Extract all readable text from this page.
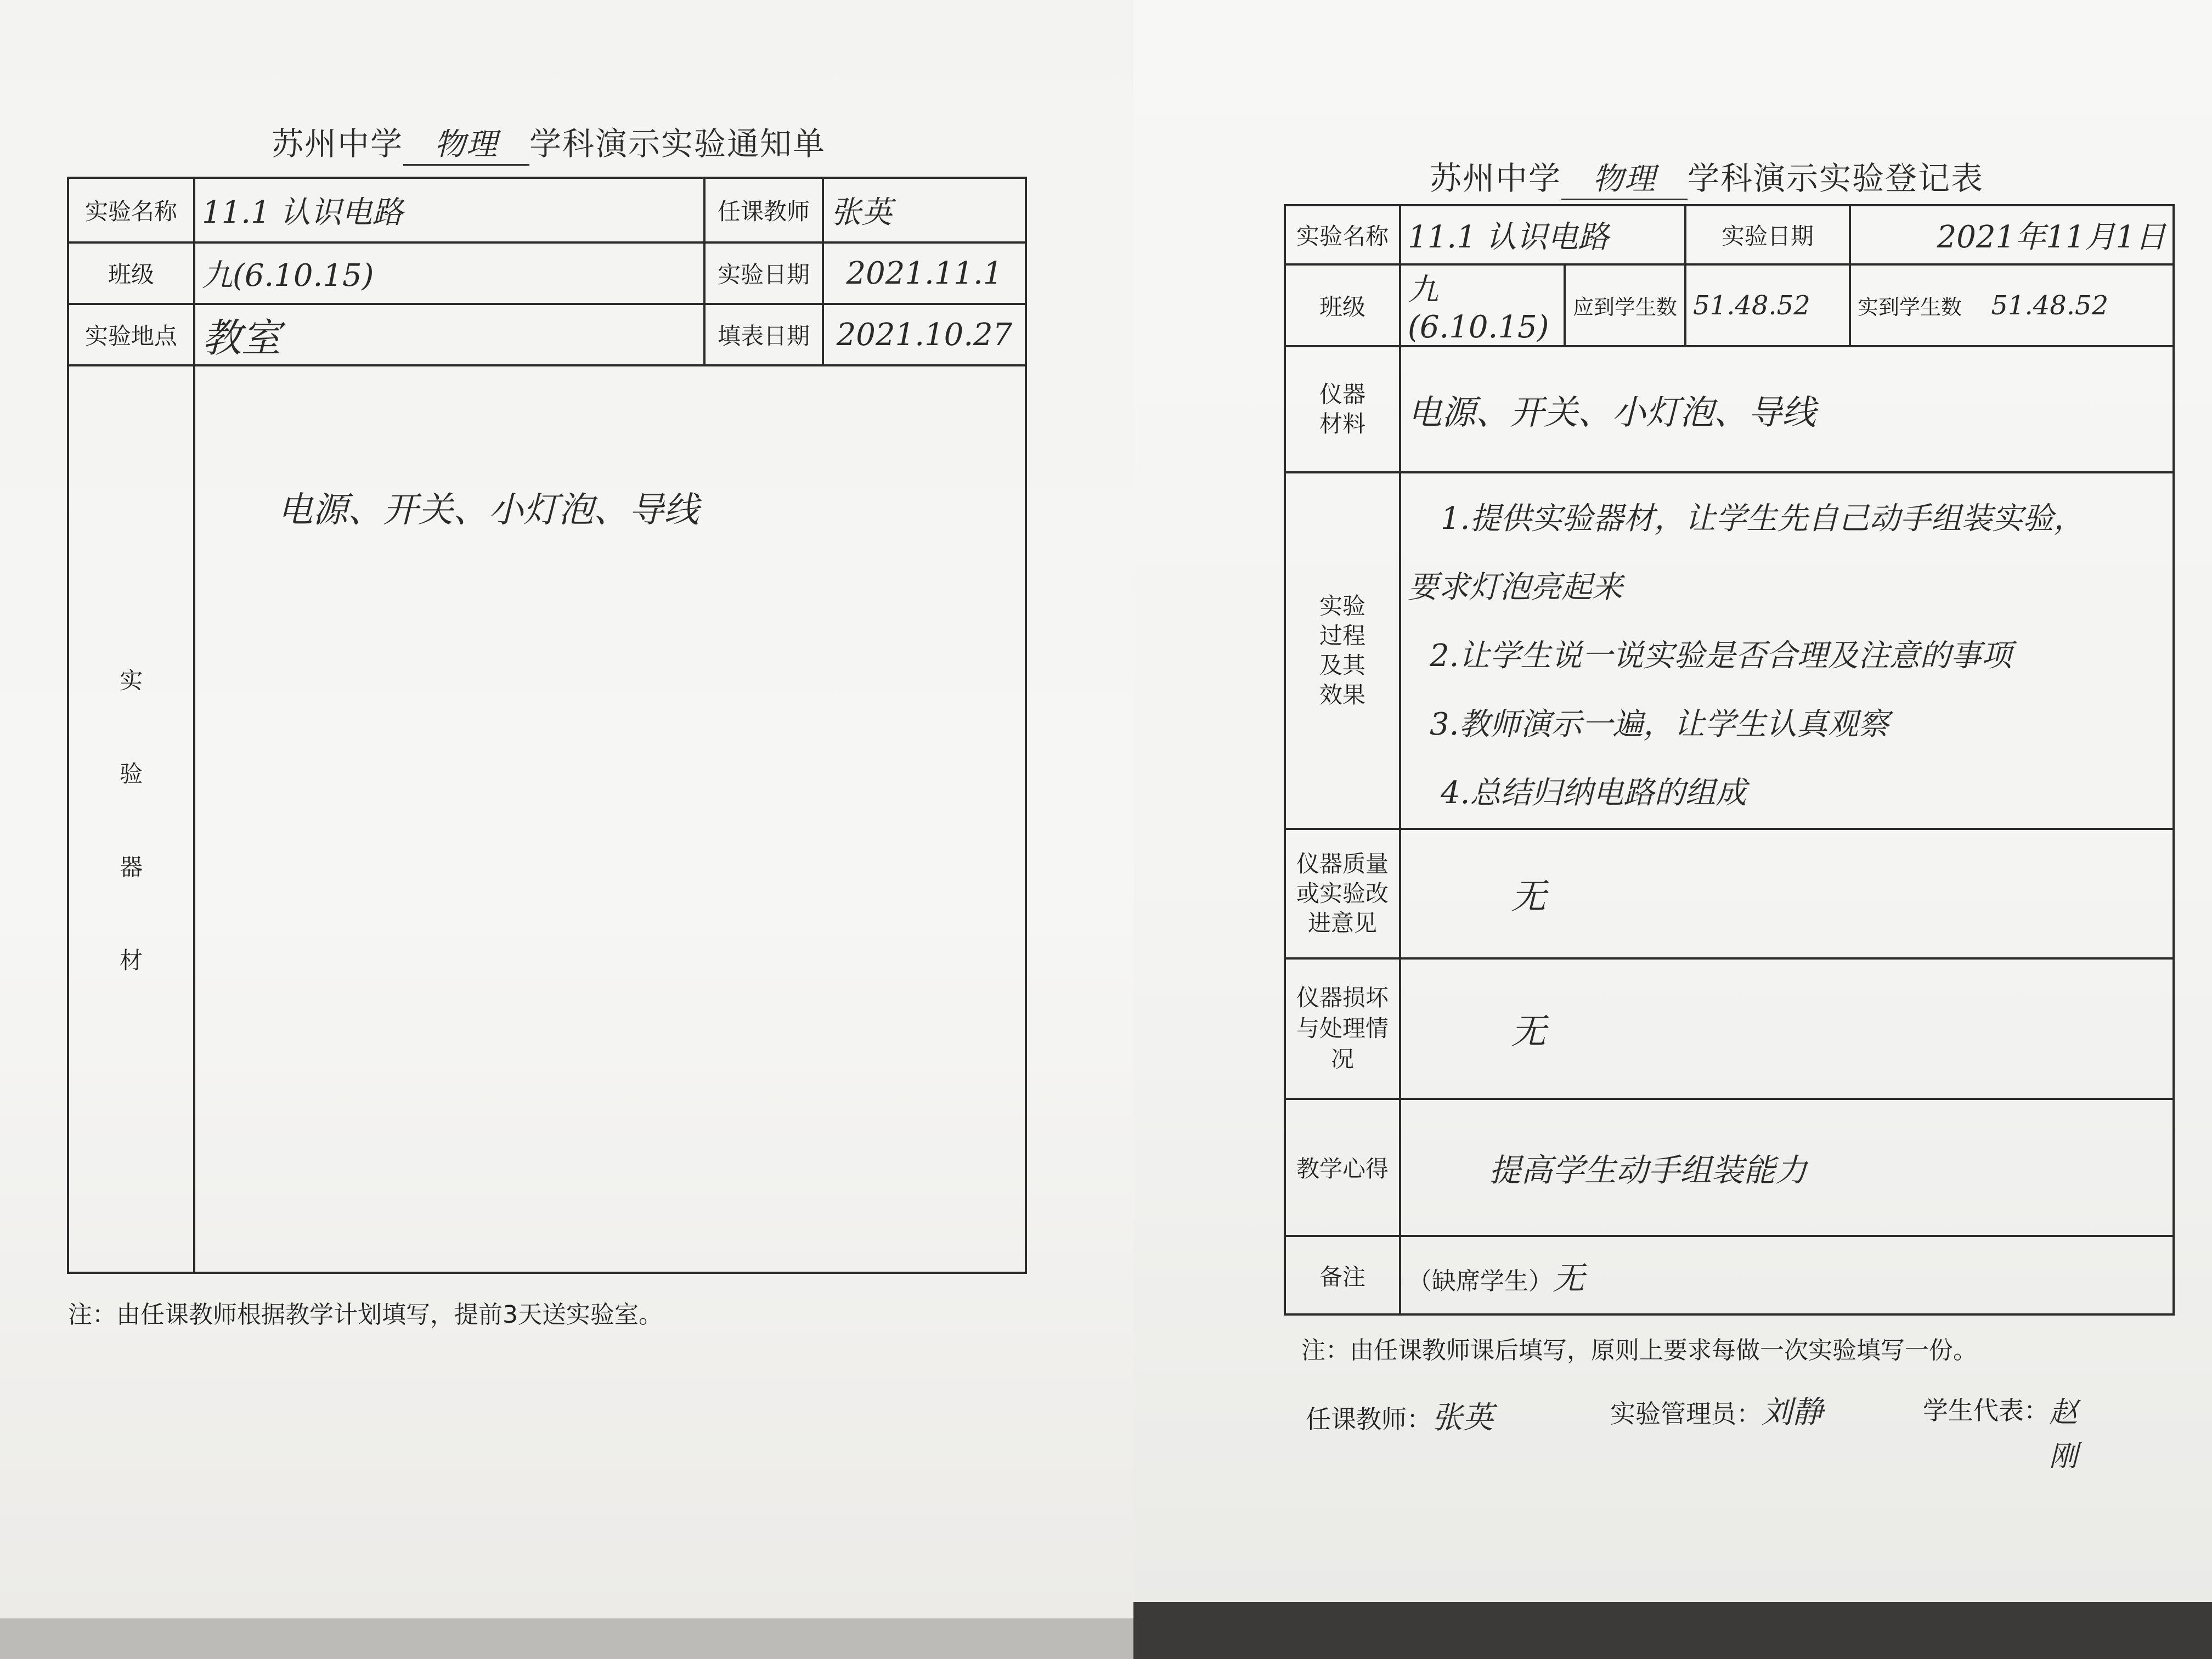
苏州中学 物理 学科演示实验通知单
实验名称	11.1 认识电路	任课教师	张英
班级	九(6.10.15)	实验日期	2021.11.1
实验地点	教室	填表日期	2021.10.27

实
验
器
材	电源、开关、小灯泡、导线		
注：由任课教师根据教学计划填写，提前3天送实验室。
苏州中学 物理 学科演示实验登记表
实验名称	11.1 认识电路		实验日期	2021年11月1日
班级	九(6.10.15)	应到学生数	51.48.52	实到学生数 51.48.52

仪器材料	电源、开关、小灯泡、导线			

实验过程及其效果	1.提供实验器材，让学生先自己动手组装实验，
要求灯泡亮起来
2.让学生说一说实验是否合理及注意的事项
3.教师演示一遍，让学生认真观察
4.总结归纳电路的组成			

仪器质量或实验改进意见	无			

仪器损坏与处理情况	无			
教学心得	提高学生动手组装能力			
备注	（缺席学生）无			
注：由任课教师课后填写，原则上要求每做一次实验填写一份。
任课教师：张英	实验管理员：刘静	学生代表： 赵刚
